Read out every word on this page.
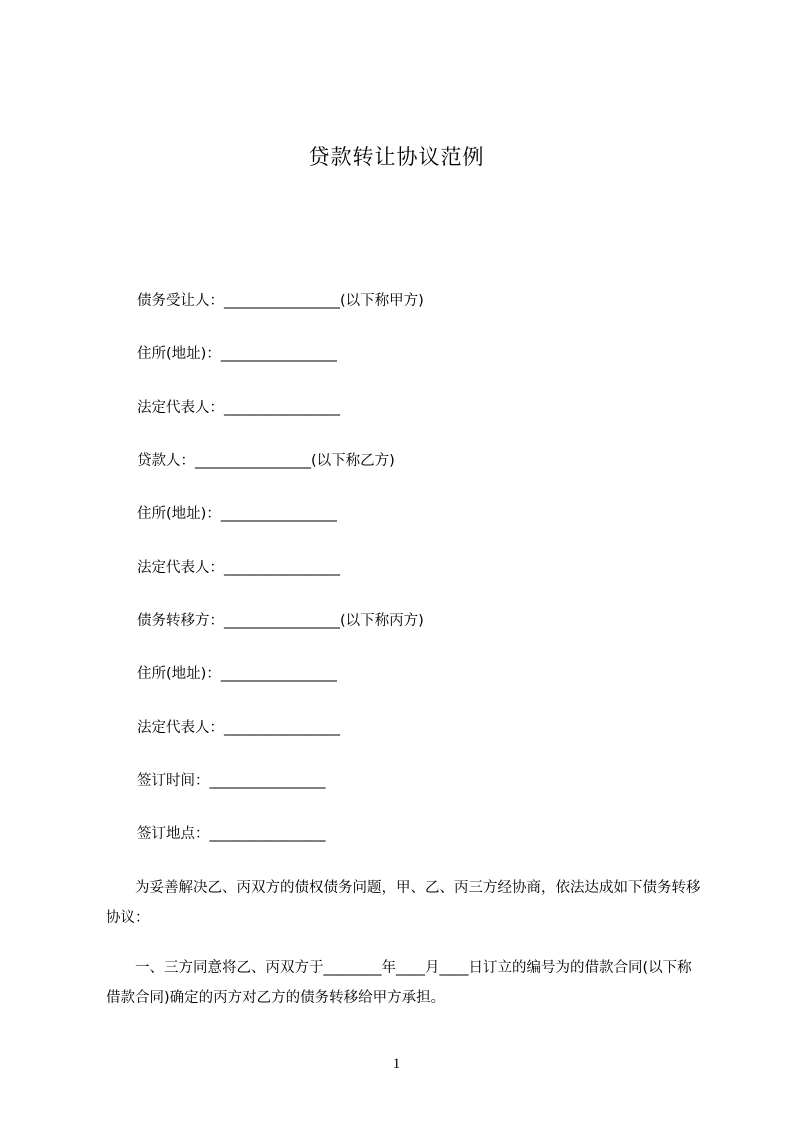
贷款转让协议范例
债务受让人：________________(以下称甲方)
住所(地址)：________________
法定代表人：________________
贷款人：________________(以下称乙方)
住所(地址)：________________
法定代表人：________________
债务转移方：________________(以下称丙方)
住所(地址)：________________
法定代表人：________________
签订时间：________________
签订地点：________________
　　为妥善解决乙、丙双方的债权债务问题，甲、乙、丙三方经协商，依法达成如下债务转移协议：
　　一、三方同意将乙、丙双方于________年____月____日订立的编号为的借款合同(以下称借款合同)确定的丙方对乙方的债务转移给甲方承担。
1
